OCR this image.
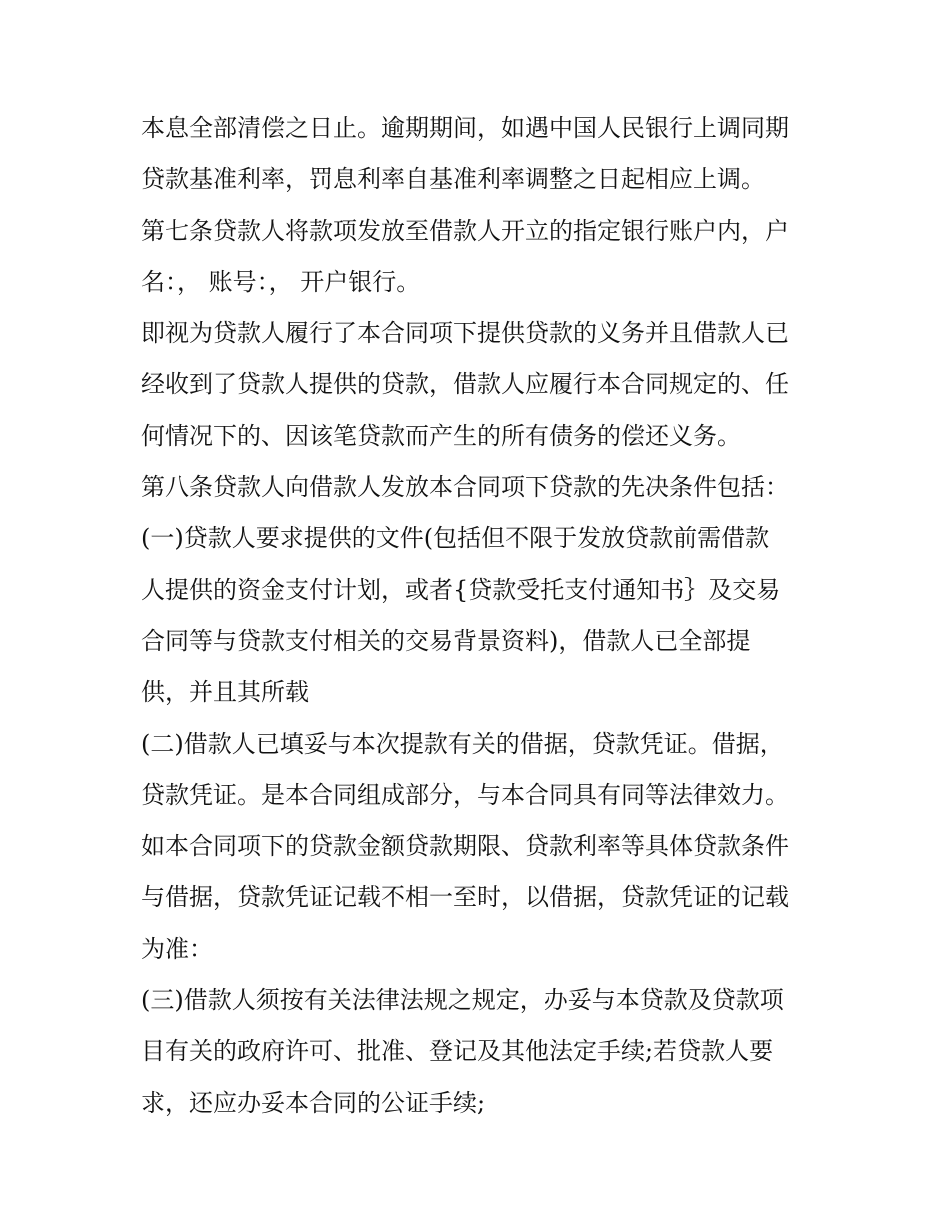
本息全部清偿之日止。逾期期间，如遇中国人民银行上调同期
贷款基准利率，罚息利率自基准利率调整之日起相应上调。
第七条贷款人将款项发放至借款人开立的指定银行账户内，户
名：， 账号：， 开户银行。
即视为贷款人履行了本合同项下提供贷款的义务并且借款人已
经收到了贷款人提供的贷款，借款人应履行本合同规定的、任
何情况下的、因该笔贷款而产生的所有债务的偿还义务。
第八条贷款人向借款人发放本合同项下贷款的先决条件包括：
(一)贷款人要求提供的文件(包括但不限于发放贷款前需借款
人提供的资金支付计划，或者{贷款受托支付通知书｝及交易
合同等与贷款支付相关的交易背景资料)，借款人已全部提
供，并且其所载
(二)借款人已填妥与本次提款有关的借据，贷款凭证。借据，
贷款凭证。是本合同组成部分，与本合同具有同等法律效力。
如本合同项下的贷款金额贷款期限、贷款利率等具体贷款条件
与借据，贷款凭证记载不相一至时，以借据，贷款凭证的记载
为准：
(三)借款人须按有关法律法规之规定，办妥与本贷款及贷款项
目有关的政府许可、批准、登记及其他法定手续;若贷款人要
求，还应办妥本合同的公证手续;
